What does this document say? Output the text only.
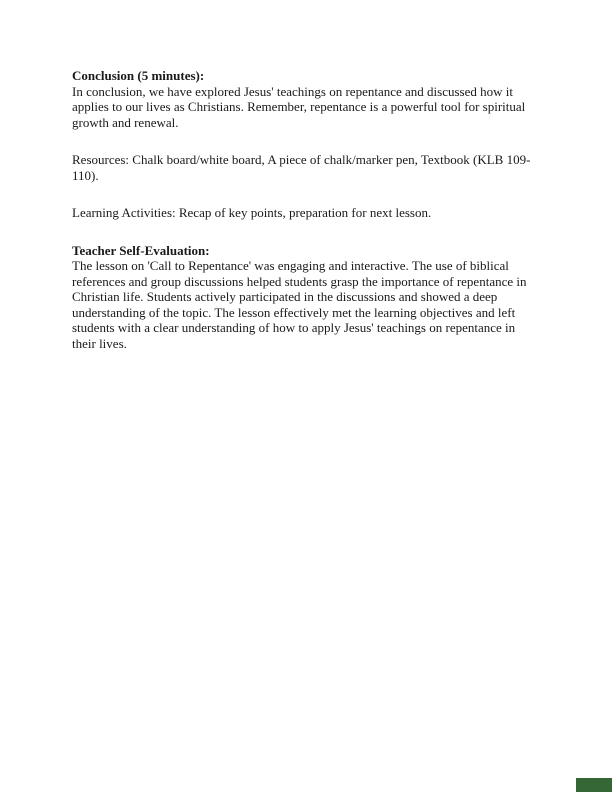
Conclusion (5 minutes):

In conclusion, we have explored Jesus' teachings on repentance and discussed how it applies to our lives as Christians. Remember, repentance is a powerful tool for spiritual growth and renewal.

Resources: Chalk board/white board, A piece of chalk/marker pen, Textbook (KLB 109-110).

Learning Activities: Recap of key points, preparation for next lesson.

Teacher Self-Evaluation:

The lesson on 'Call to Repentance' was engaging and interactive. The use of biblical references and group discussions helped students grasp the importance of repentance in Christian life. Students actively participated in the discussions and showed a deep understanding of the topic. The lesson effectively met the learning objectives and left students with a clear understanding of how to apply Jesus' teachings on repentance in their lives.
